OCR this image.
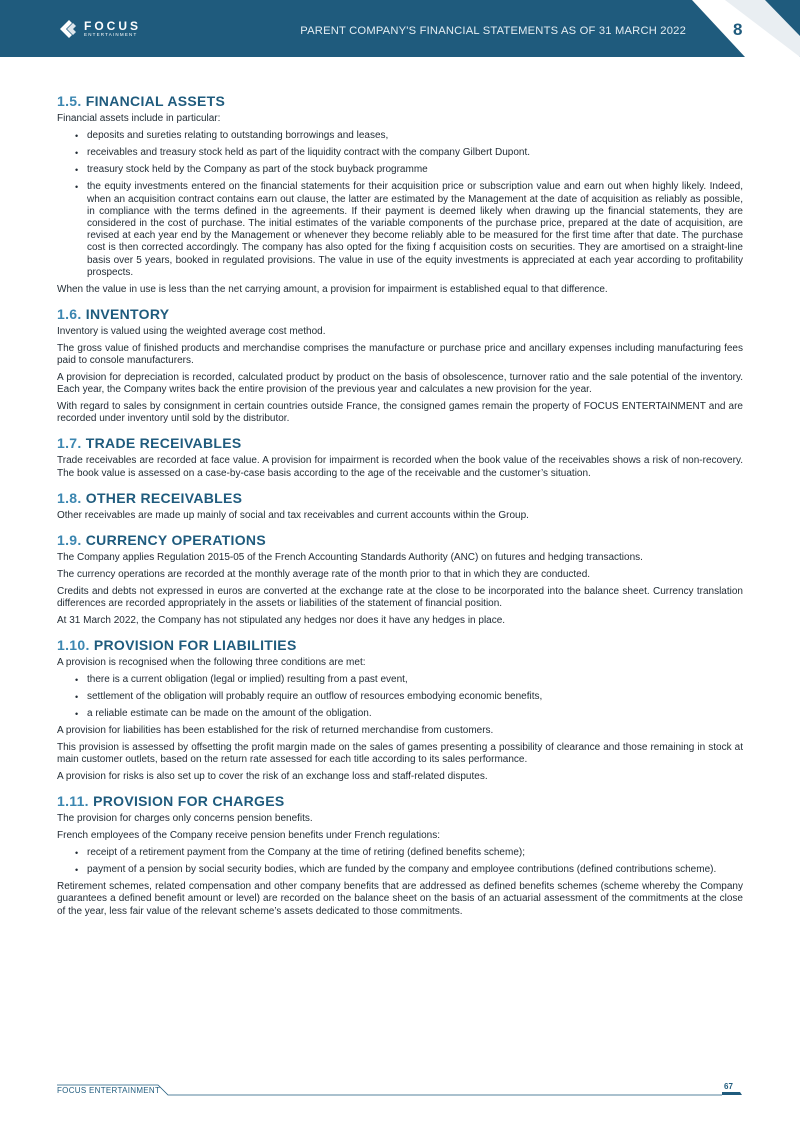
FOCUS
ENTERTAINMENT	PARENT COMPANY'S FINANCIAL STATEMENTS AS OF 31 MARCH 2022	8
1.5. FINANCIAL ASSETS

Financial assets include in particular:

• deposits and sureties relating to outstanding borrowings and leases,
• receivables and treasury stock held as part of the liquidity contract with the company Gilbert Dupont.
• treasury stock held by the Company as part of the stock buyback programme
• the equity investments entered on the financial statements for their acquisition price or subscription value and earn out when highly likely. Indeed, when an acquisition contract contains earn out clause, the latter are estimated by the Management at the date of acquisition as reliably as possible, in compliance with the terms defined in the agreements. If their payment is deemed likely when drawing up the financial statements, they are considered in the cost of purchase. The initial estimates of the variable components of the purchase price, prepared at the date of acquisition, are revised at each year end by the Management or whenever they become reliably able to be measured for the first time after that date. The purchase cost is then corrected accordingly. The company has also opted for the fixing f acquisition costs on securities. They are amortised on a straight-line basis over 5 years, booked in regulated provisions. The value in use of the equity investments is appreciated at each year according to profitability prospects.

When the value in use is less than the net carrying amount, a provision for impairment is established equal to that difference.

1.6. INVENTORY

Inventory is valued using the weighted average cost method.

The gross value of finished products and merchandise comprises the manufacture or purchase price and ancillary expenses including manufacturing fees paid to console manufacturers.

A provision for depreciation is recorded, calculated product by product on the basis of obsolescence, turnover ratio and the sale potential of the inventory. Each year, the Company writes back the entire provision of the previous year and calculates a new provision for the year.

With regard to sales by consignment in certain countries outside France, the consigned games remain the property of FOCUS ENTERTAINMENT and are recorded under inventory until sold by the distributor.

1.7. TRADE RECEIVABLES

Trade receivables are recorded at face value. A provision for impairment is recorded when the book value of the receivables shows a risk of non-recovery. The book value is assessed on a case-by-case basis according to the age of the receivable and the customer’s situation.

1.8. OTHER RECEIVABLES

Other receivables are made up mainly of social and tax receivables and current accounts within the Group.

1.9. CURRENCY OPERATIONS

The Company applies Regulation 2015-05 of the French Accounting Standards Authority (ANC) on futures and hedging transactions.

The currency operations are recorded at the monthly average rate of the month prior to that in which they are conducted.

Credits and debts not expressed in euros are converted at the exchange rate at the close to be incorporated into the balance sheet. Currency translation differences are recorded appropriately in the assets or liabilities of the statement of financial position.

At 31 March 2022, the Company has not stipulated any hedges nor does it have any hedges in place.

1.10. PROVISION FOR LIABILITIES

A provision is recognised when the following three conditions are met:

• there is a current obligation (legal or implied) resulting from a past event,
• settlement of the obligation will probably require an outflow of resources embodying economic benefits,
• a reliable estimate can be made on the amount of the obligation.

A provision for liabilities has been established for the risk of returned merchandise from customers.

This provision is assessed by offsetting the profit margin made on the sales of games presenting a possibility of clearance and those remaining in stock at main customer outlets, based on the return rate assessed for each title according to its sales performance.

A provision for risks is also set up to cover the risk of an exchange loss and staff-related disputes.

1.11. PROVISION FOR CHARGES

The provision for charges only concerns pension benefits.

French employees of the Company receive pension benefits under French regulations:

• receipt of a retirement payment from the Company at the time of retiring (defined benefits scheme);
• payment of a pension by social security bodies, which are funded by the company and employee contributions (defined contributions scheme).

Retirement schemes, related compensation and other company benefits that are addressed as defined benefits schemes (scheme whereby the Company guarantees a defined benefit amount or level) are recorded on the balance sheet on the basis of an actuarial assessment of the commitments at the close of the year, less fair value of the relevant scheme’s assets dedicated to those commitments.

FOCUS ENTERTAINMENT	67
